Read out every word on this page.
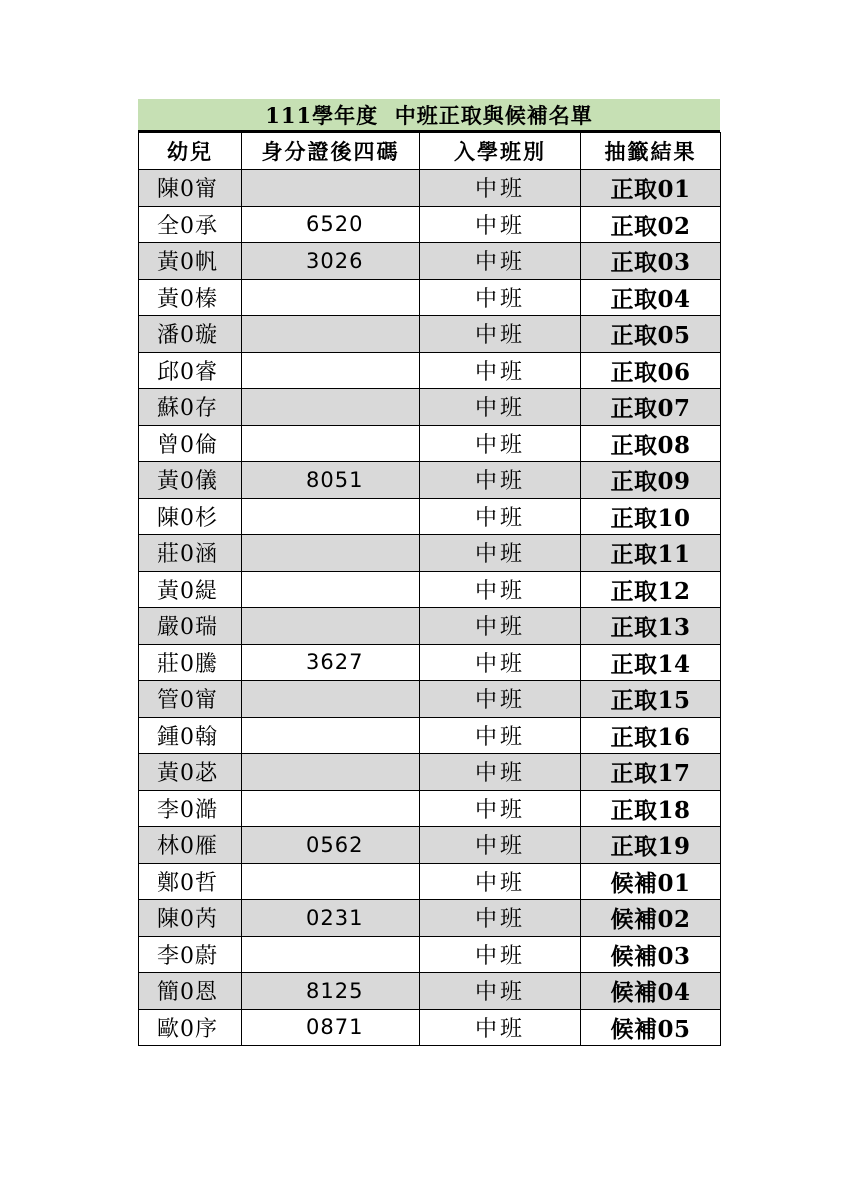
111學年度  中班正取與候補名單
幼兒	身分證後四碼	入學班別	抽籤結果
陳0甯		中班	正取01
全0承	6520	中班	正取02
黃0帆	3026	中班	正取03
黃0榛		中班	正取04
潘0璇		中班	正取05
邱0睿		中班	正取06
蘇0存		中班	正取07
曾0倫		中班	正取08
黃0儀	8051	中班	正取09
陳0杉		中班	正取10
莊0涵		中班	正取11
黃0緹		中班	正取12
嚴0瑞		中班	正取13
莊0騰	3627	中班	正取14
管0甯		中班	正取15
鍾0翰		中班	正取16
黃0苾		中班	正取17
李0澔		中班	正取18
林0雁	0562	中班	正取19
鄭0哲		中班	候補01
陳0芮	0231	中班	候補02
李0蔚		中班	候補03
簡0恩	8125	中班	候補04
歐0序	0871	中班	候補05
